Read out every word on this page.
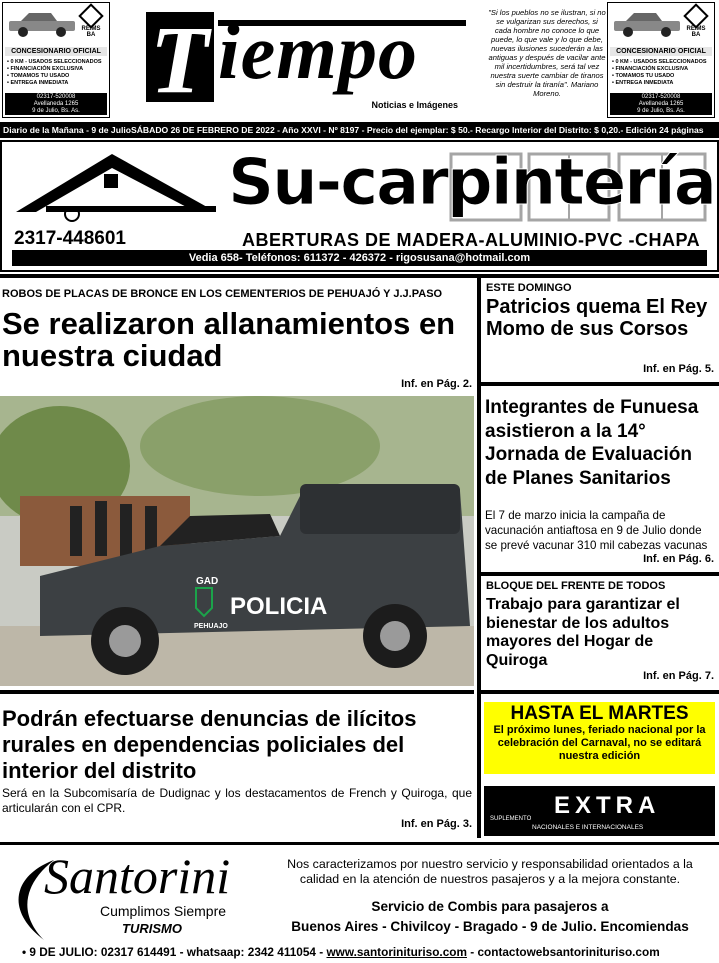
REIMS BA
CONCESIONARIO OFICIAL
• 0 KM - USADOS SELECCIONADOS
• FINANCIACIÓN EXCLUSIVA
• TOMAMOS TU USADO
• ENTREGA INMEDIATA
02317-520008
Avellaneda 1265
9 de Julio, Bs. As. T iempo
Noticias e Imágenes
"Si los pueblos no se ilustran, si no se vulgarizan sus derechos, si cada hombre no conoce lo que puede, lo que vale y lo que debe, nuevas ilusiones sucederán a las antiguas y después de vacilar ante mil incertidumbres, será tal vez nuestra suerte cambiar de tiranos sin destruir la tiranía". Mariano Moreno.
REIMS BA
CONCESIONARIO OFICIAL
• 0 KM - USADOS SELECCIONADOS
• FINANCIACIÓN EXCLUSIVA
• TOMAMOS TU USADO
• ENTREGA INMEDIATA
02317-520008
Avellaneda 1265
9 de Julio, Bs. As.
Diario de la Mañana - 9 de JulioSÁBADO 26 DE FEBRERO DE 2022 - Año XXVI - Nº 8197 - Precio del ejemplar: $ 50.- Recargo Interior del Distrito: $ 0,20.- Edición 24 páginas
Su-carpintería
2317-448601	ABERTURAS DE MADERA-ALUMINIO-PVC -CHAPA
Vedia 658- Teléfonos: 611372 - 426372 - rigosusana@hotmail.com
ROBOS DE PLACAS DE BRONCE EN LOS CEMENTERIOS DE PEHUAJÓ Y J.J.PASO
Se realizaron allanamientos en nuestra ciudad
Inf. en Pág. 2.
GAD
POLICIA
PEHUAJO
Podrán efectuarse denuncias de ilícitos rurales en dependencias policiales del interior del distrito
Será en la Subcomisaría de Dudignac y los destacamentos de French y Quiroga, que articularán con el CPR.
Inf. en Pág. 3.
ESTE DOMINGO
Patricios quema El Rey Momo de sus Corsos
Inf. en Pág. 5.
Integrantes de Funuesa asistieron a la 14° Jornada de Evaluación de Planes Sanitarios
El 7 de marzo inicia la campaña de vacunación antiaftosa en 9 de Julio donde se prevé vacunar 310 mil cabezas vacunas
Inf. en Pág. 6.
BLOQUE DEL FRENTE DE TODOS
Trabajo para garantizar el bienestar de los adultos mayores del Hogar de Quiroga
Inf. en Pág. 7.
HASTA EL MARTES
El próximo lunes, feriado nacional por la celebración del Carnaval, no se editará nuestra edición
EXTRA
SUPLEMENTO
NACIONALES E INTERNACIONALES
Santorini
Cumplimos Siempre
TURISMO
Nos caracterizamos por nuestro servicio y responsabilidad orientados a la calidad en la atención de nuestros pasajeros y a la mejora constante.
Servicio de Combis para pasajeros a
Buenos Aires - Chivilcoy - Bragado - 9 de Julio. Encomiendas
• 9 DE JULIO: 02317 614491 - whatsaap: 2342 411054 - www.santorinituriso.com - contactowebsantorinituriso.com
